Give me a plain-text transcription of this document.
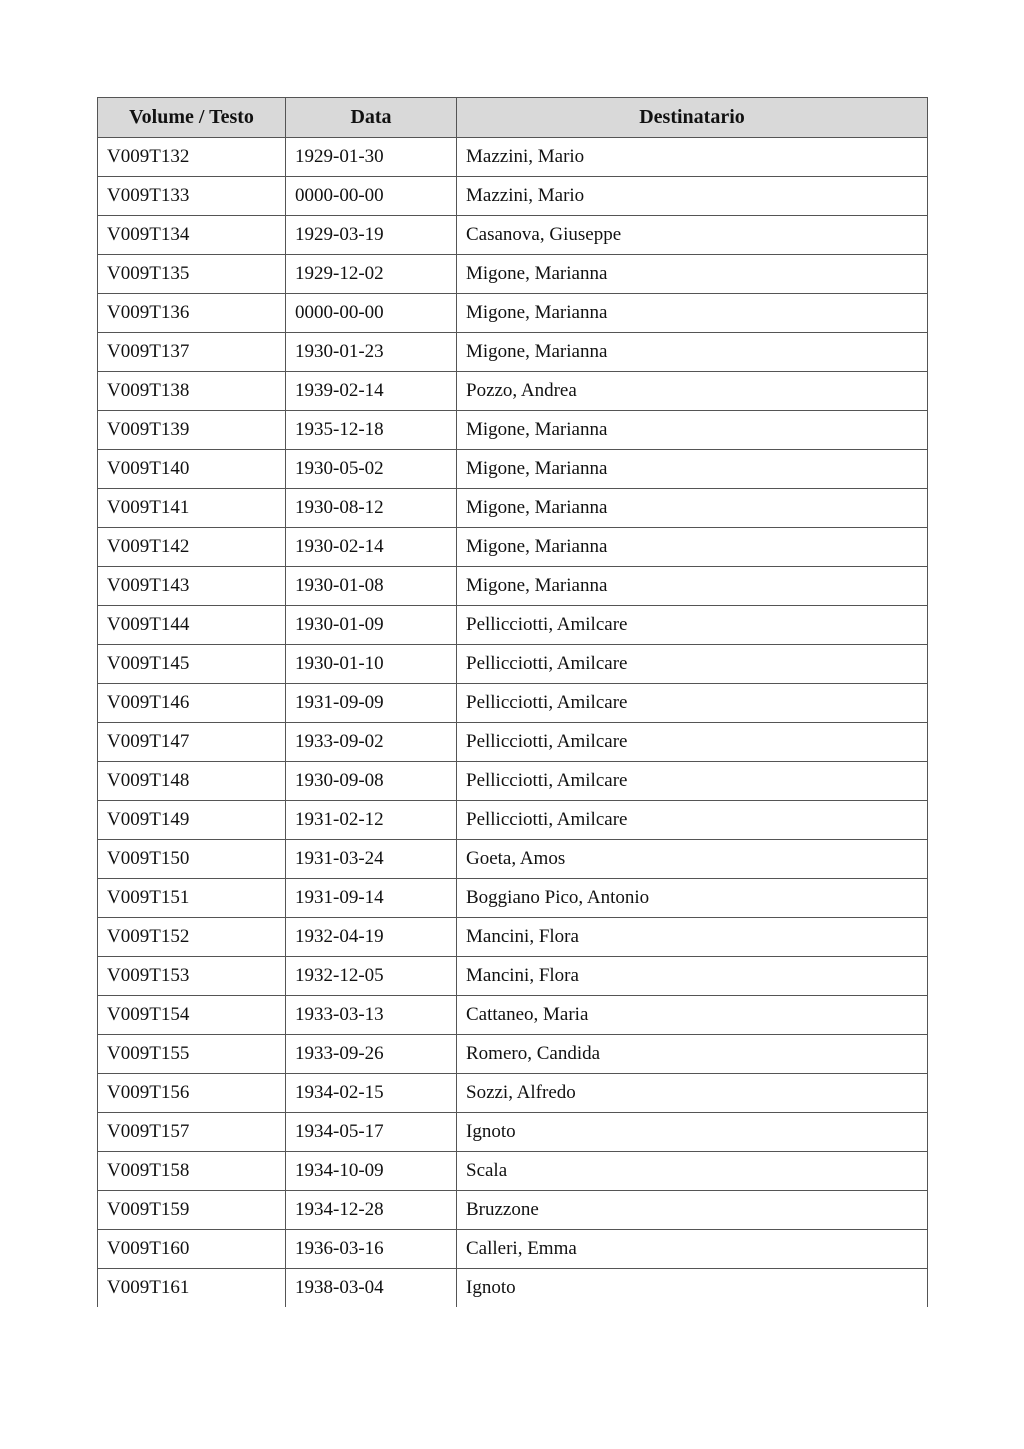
Volume / Testo	Data	Destinatario
V009T132	1929-01-30	Mazzini, Mario
V009T133	0000-00-00	Mazzini, Mario
V009T134	1929-03-19	Casanova, Giuseppe
V009T135	1929-12-02	Migone, Marianna
V009T136	0000-00-00	Migone, Marianna
V009T137	1930-01-23	Migone, Marianna
V009T138	1939-02-14	Pozzo, Andrea
V009T139	1935-12-18	Migone, Marianna
V009T140	1930-05-02	Migone, Marianna
V009T141	1930-08-12	Migone, Marianna
V009T142	1930-02-14	Migone, Marianna
V009T143	1930-01-08	Migone, Marianna
V009T144	1930-01-09	Pellicciotti, Amilcare
V009T145	1930-01-10	Pellicciotti, Amilcare
V009T146	1931-09-09	Pellicciotti, Amilcare
V009T147	1933-09-02	Pellicciotti, Amilcare
V009T148	1930-09-08	Pellicciotti, Amilcare
V009T149	1931-02-12	Pellicciotti, Amilcare
V009T150	1931-03-24	Goeta, Amos
V009T151	1931-09-14	Boggiano Pico, Antonio
V009T152	1932-04-19	Mancini, Flora
V009T153	1932-12-05	Mancini, Flora
V009T154	1933-03-13	Cattaneo, Maria
V009T155	1933-09-26	Romero, Candida
V009T156	1934-02-15	Sozzi, Alfredo
V009T157	1934-05-17	Ignoto
V009T158	1934-10-09	Scala
V009T159	1934-12-28	Bruzzone
V009T160	1936-03-16	Calleri, Emma
V009T161	1938-03-04	Ignoto
